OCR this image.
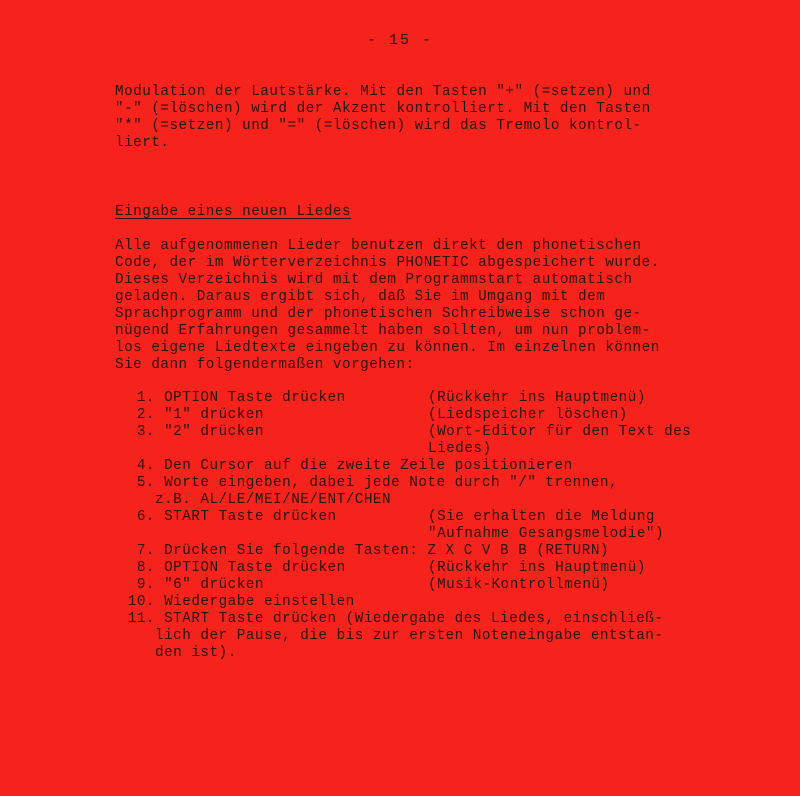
- 15 -
Modulation der Lautstärke. Mit den Tasten "+" (=setzen) und
"-" (=löschen) wird der Akzent kontrolliert. Mit den Tasten
"*" (=setzen) und "=" (=löschen) wird das Tremolo kontrol-
liert.
Eingabe eines neuen Liedes
Alle aufgenommenen Lieder benutzen direkt den phonetischen
Code, der im Wörterverzeichnis PHONETIC abgespeichert wurde.
Dieses Verzeichnis wird mit dem Programmstart automatisch
geladen. Daraus ergibt sich, daß Sie im Umgang mit dem
Sprachprogramm und der phonetischen Schreibweise schon ge-
nügend Erfahrungen gesammelt haben sollten, um nun problem-
los eigene Liedtexte eingeben zu können. Im einzelnen können
Sie dann folgendermaßen vorgehen:
1. OPTION Taste drücken	(Rückkehr ins Hauptmenü)
2. "1" drücken	(Liedspeicher löschen)
3. "2" drücken	(Wort-Editor für den Text des
Liedes)
4. Den Cursor auf die zweite Zeile positionieren
5. Worte eingeben, dabei jede Note durch "/" trennen,
z.B. AL/LE/MEI/NE/ENT/CHEN
6. START Taste drücken	(Sie erhalten die Meldung
"Aufnahme Gesangsmelodie")
7. Drücken Sie folgende Tasten: Z X C V B B (RETURN)
8. OPTION Taste drücken	(Rückkehr ins Hauptmenü)
9. "6" drücken	(Musik-Kontrollmenü)
10. Wiedergabe einstellen
11. START Taste drücken (Wiedergabe des Liedes, einschließ-
lich der Pause, die bis zur ersten Noteneingabe entstan-
den ist).
